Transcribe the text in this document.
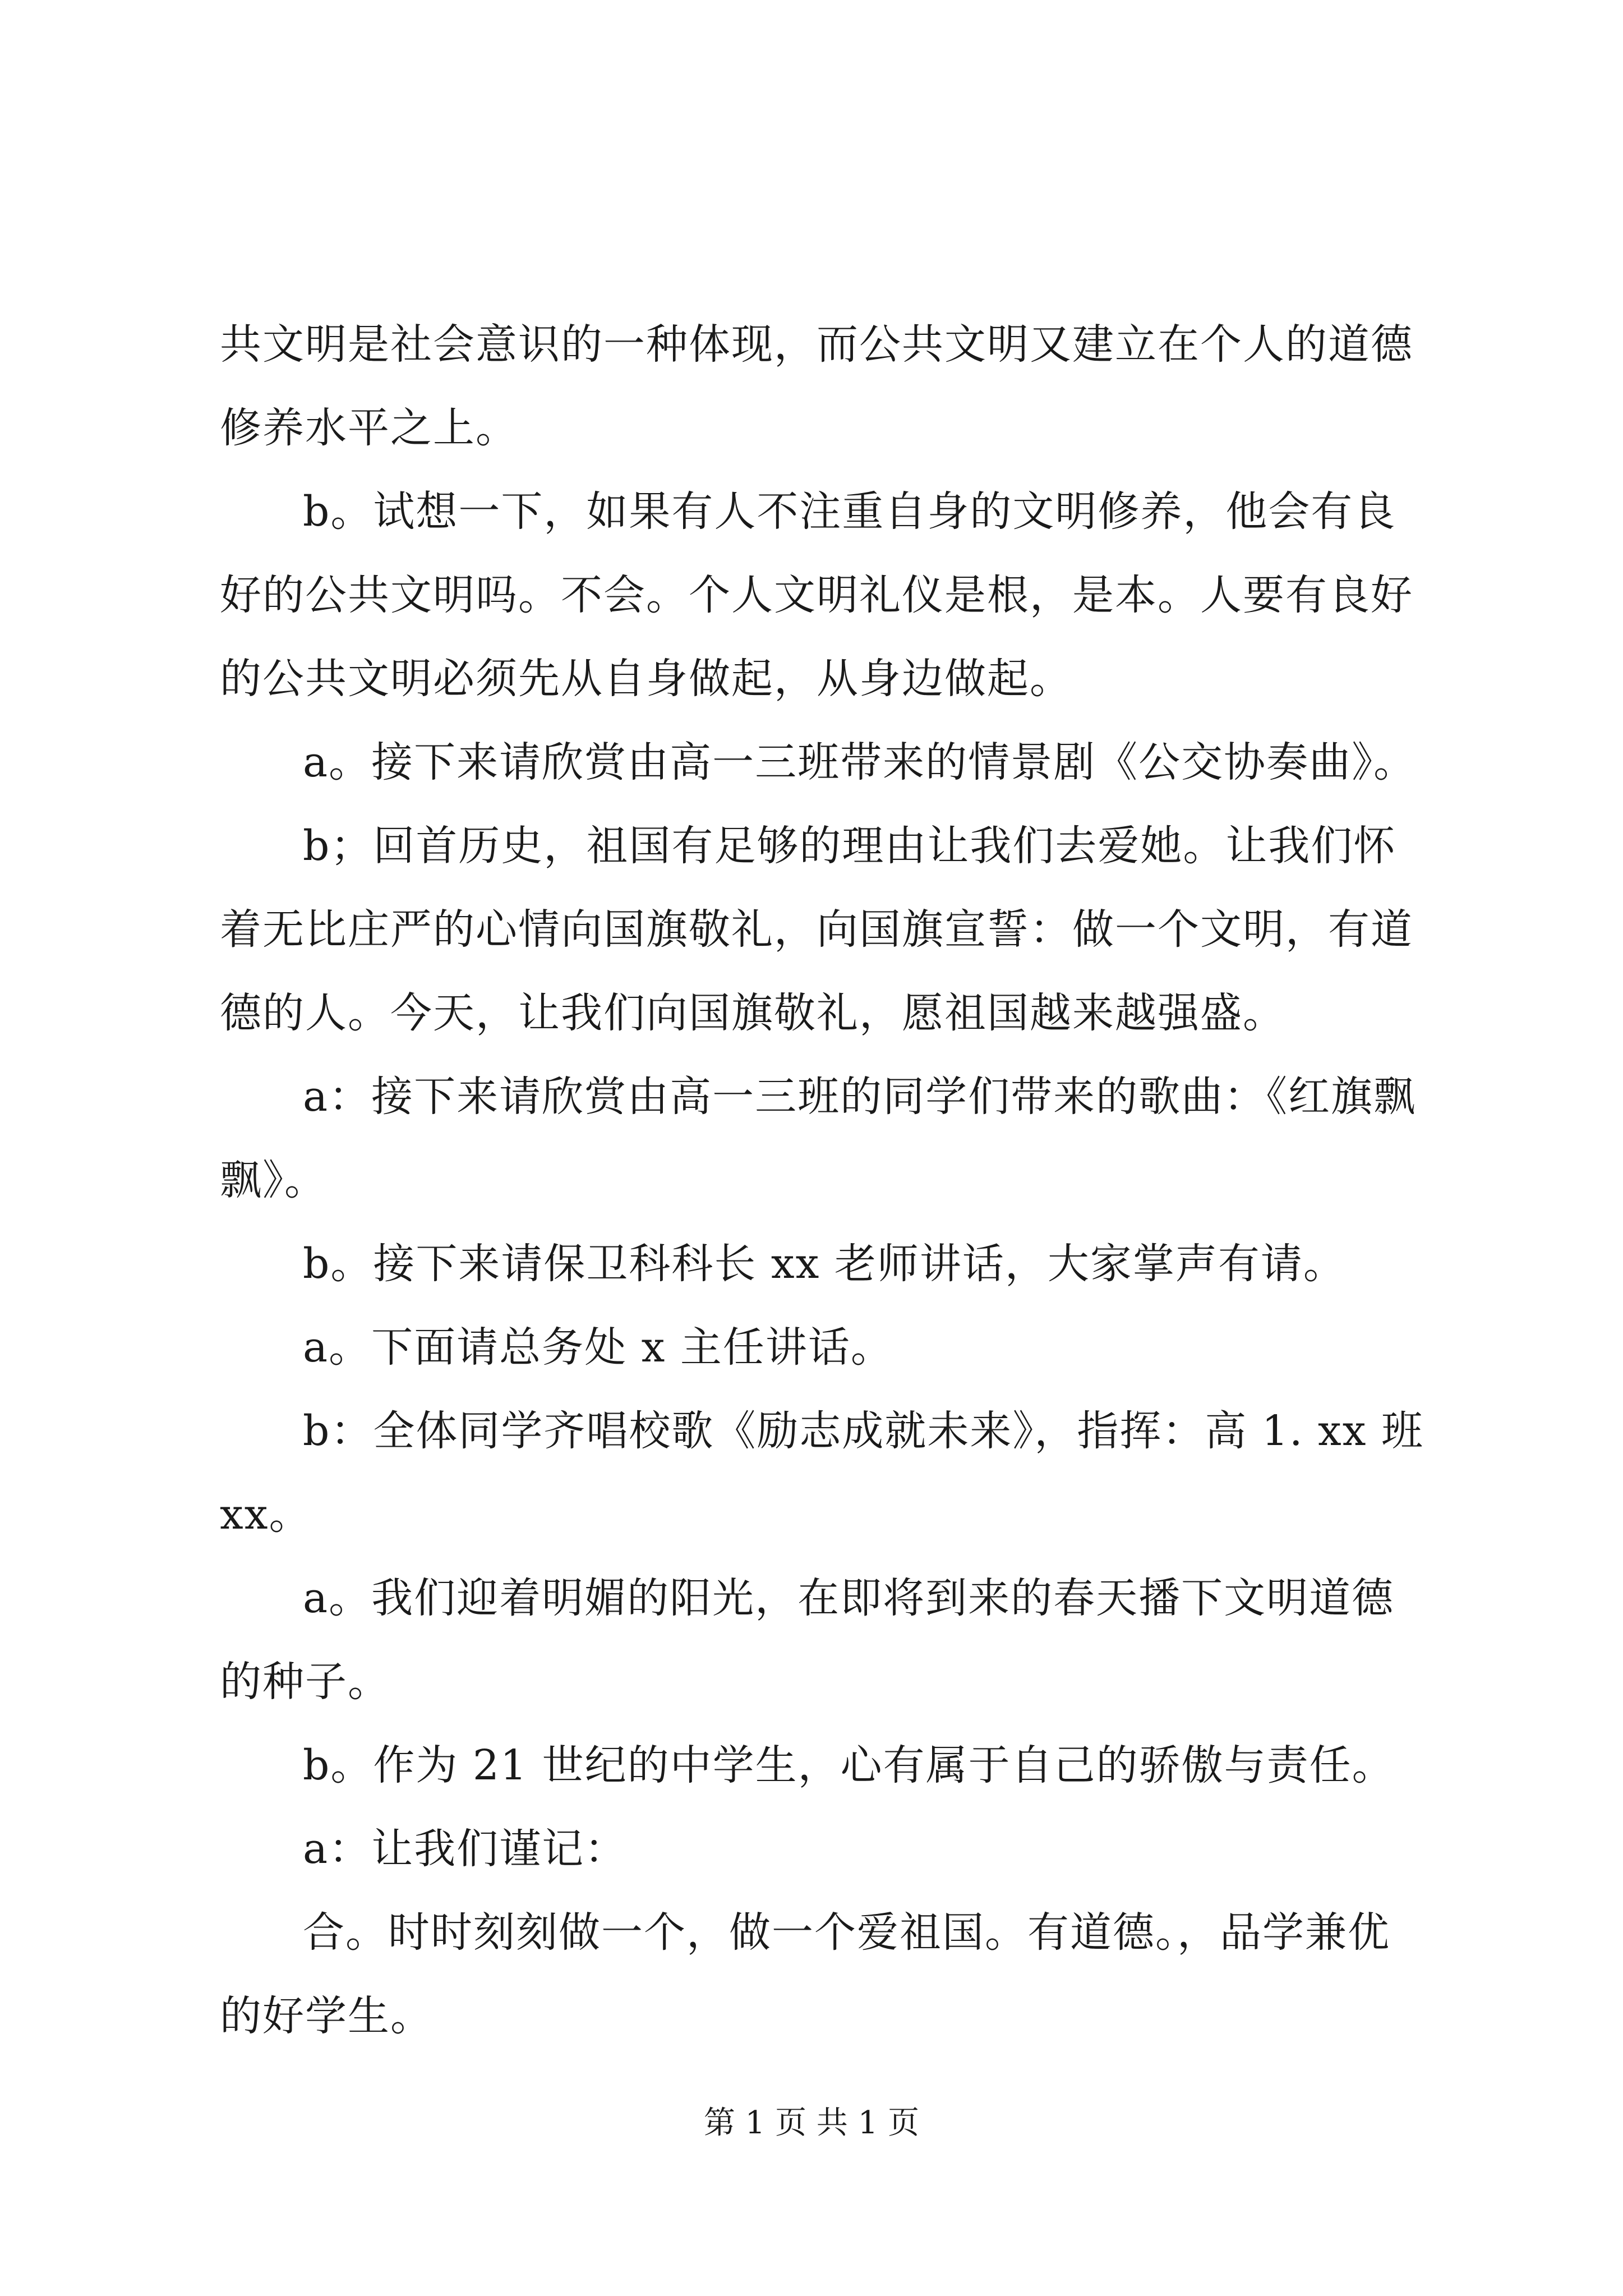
共文明是社会意识的一种体现，而公共文明又建立在个人的道德修养水平之上。

b。试想一下，如果有人不注重自身的文明修养，他会有良好的公共文明吗。不会。个人文明礼仪是根，是本。人要有良好的公共文明必须先从自身做起，从身边做起。

a。接下来请欣赏由高一三班带来的情景剧《公交协奏曲》。

b；回首历史，祖国有足够的理由让我们去爱她。让我们怀着无比庄严的心情向国旗敬礼，向国旗宣誓：做一个文明，有道德的人。今天，让我们向国旗敬礼，愿祖国越来越强盛。

a：接下来请欣赏由高一三班的同学们带来的歌曲：《红旗飘飘》。

b。接下来请保卫科科长 xx 老师讲话，大家掌声有请。

a。下面请总务处 x 主任讲话。

b：全体同学齐唱校歌《励志成就未来》，指挥：高 1. xx 班 xx。

a。我们迎着明媚的阳光，在即将到来的春天播下文明道德的种子。

b。作为 21 世纪的中学生，心有属于自己的骄傲与责任。

a：让我们谨记：

合。时时刻刻做一个，做一个爱祖国。有道德。，品学兼优的好学生。

第 1 页 共 1 页
